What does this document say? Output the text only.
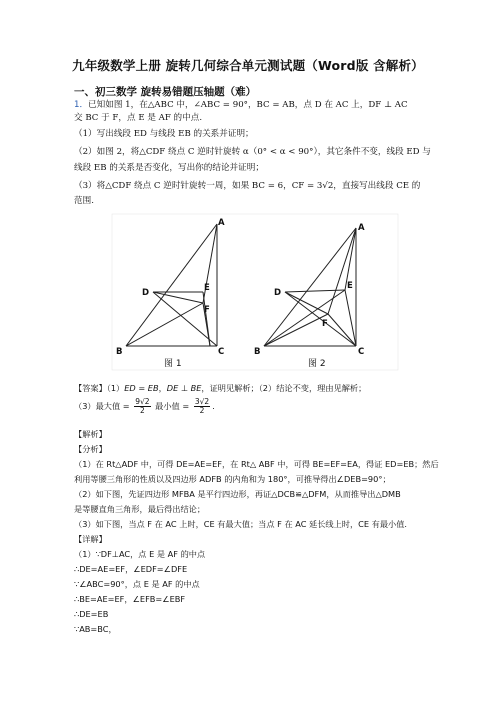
九年级数学上册 旋转几何综合单元测试题（Word版 含解析）
一、初三数学 旋转易错题压轴题（难）
1．已知如图 1，在△ABC 中，∠ABC = 90°，BC = AB，点 D 在 AC 上，DF ⊥ AC
交 BC 于 F，点 E 是 AF 的中点.
（1）写出线段 ED 与线段 EB 的关系并证明；
（2）如图 2，将△CDF 绕点 C 逆时针旋转 α（0° < α < 90°），其它条件不变，线段 ED 与
线段 EB 的关系是否变化，写出你的结论并证明；
（3）将△CDF 绕点 C 逆时针旋转一周，如果 BC = 6，CF = 3√2，直接写出线段 CE 的
范围.
A
B	C
D	E
F
图 1
A
B	C
D
E
F
图 2
【答案】（1）ED = EB，DE ⊥ BE，证明见解析；（2）结论不变，理由见解析；
（3）最大值 = $\frac{9√2}{2}$ 最小值 = $\frac{3√2}{2}$ .
【解析】
【分析】
（1）在 Rt△ADF 中，可得 DE=AE=EF，在 Rt△ ABF 中，可得 BE=EF=EA，得证 ED=EB；然后
利用等腰三角形的性质以及四边形 ADFB 的内角和为 180°，可推导得出∠DEB=90°；
（2）如下图，先证四边形 MFBA 是平行四边形，再证△DCB≌△DFM，从而推导出△DMB
是等腰直角三角形，最后得出结论；
（3）如下图，当点 F 在 AC 上时，CE 有最大值；当点 F 在 AC 延长线上时，CE 有最小值.
【详解】
（1）∵DF⊥AC，点 E 是 AF 的中点
∴DE=AE=EF，∠EDF=∠DFE
∵∠ABC=90°，点 E 是 AF 的中点
∴BE=AE=EF，∠EFB=∠EBF
∴DE=EB
∵AB=BC，
